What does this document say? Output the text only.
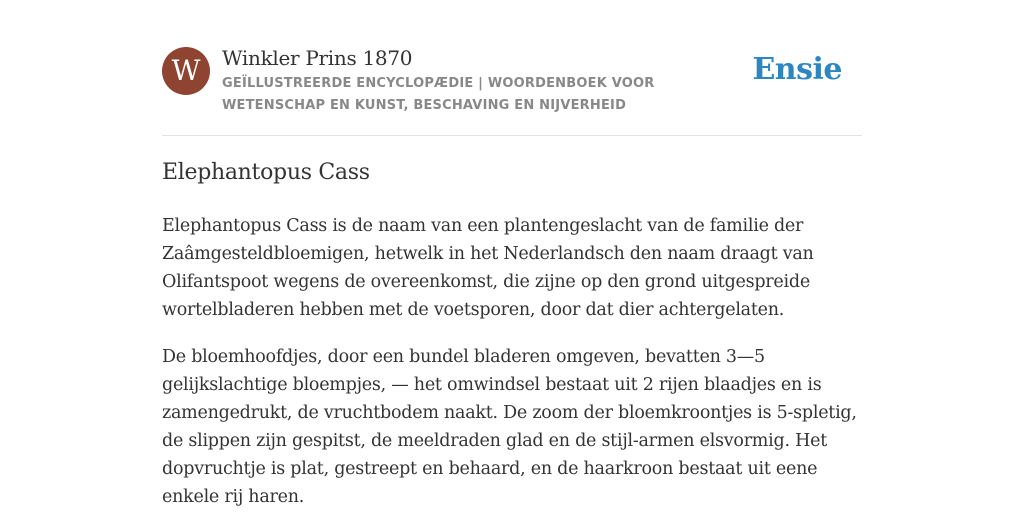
W	Winkler Prins 1870
GEÏLLUSTREERDE ENCYCLOPÆDIE | WOORDENBOEK VOOR WETENSCHAP EN KUNST, BESCHAVING EN NIJVERHEID
Ensie
Elephantopus Cass

Elephantopus Cass is de naam van een plantengeslacht van de familie der Zaâmgesteldbloemigen, hetwelk in het Nederlandsch den naam draagt van Olifantspoot wegens de overeenkomst, die zijne op den grond uitgespreide wortelbladeren hebben met de voetsporen, door dat dier achtergelaten.

De bloemhoofdjes, door een bundel bladeren omgeven, bevatten 3—5 gelijkslachtige bloempjes, — het omwindsel bestaat uit 2 rijen blaadjes en is zamengedrukt, de vruchtbodem naakt. De zoom der bloemkroontjes is 5-spletig, de slippen zijn gespitst, de meeldraden glad en de stijl-armen elsvormig. Het dopvruchtje is plat, gestreept en behaard, en de haarkroon bestaat uit eene enkele rij haren.
